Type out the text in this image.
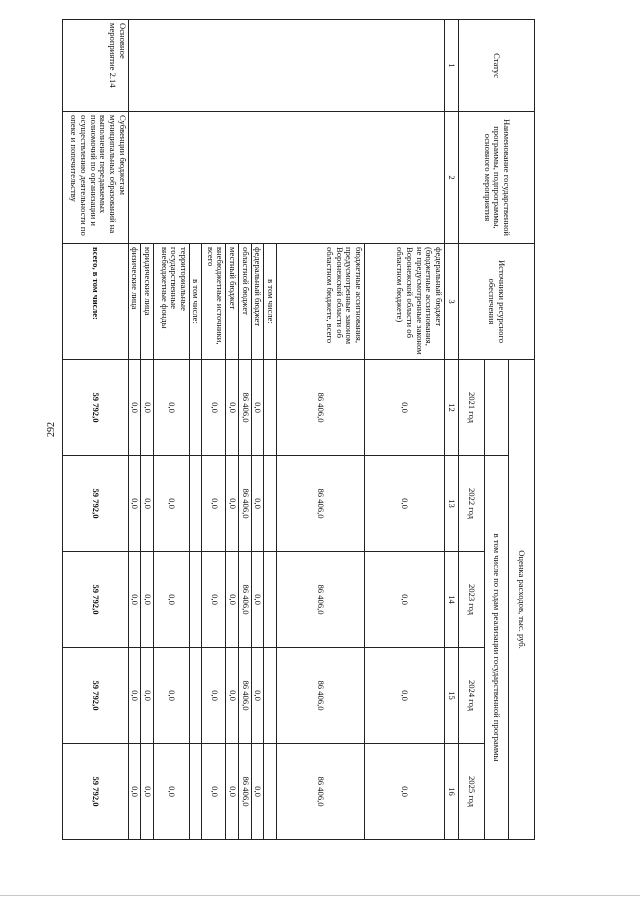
292
Статус	Наименование государственной программы, подпрограммы, основного мероприятия	Источники ресурсного обеспечения	Оценка расходов, тыс. руб.				
				в том числе по годам реализации государственной программы			
			2021 год	2022 год	2023 год	2024 год	2025 год
1	2	3	12	13	14	15	16
		федеральный бюджет (бюджетные ассигнования, не предусмотренные законом Воронежской области об областном бюджете)	0,0	0,0	0,0	0,0	0,0
		бюджетные ассигнования, предусмотренные законом Воронежской области об областном бюджете, всего	86 406,0	86 406,0	86 406,0	86 406,0	86 406,0
		в том числе:					
		федеральный бюджет	0,0	0,0	0,0	0,0	0,0
		областной бюджет	86 406,0	86 406,0	86 406,0	86 406,0	86 406,0
		местный бюджет	0,0	0,0	0,0	0,0	0,0
		внебюджетные источники, всего	0,0	0,0	0,0	0,0	0,0
		в том числе:					
		территориальные государственные внебюджетные фонды	0,0	0,0	0,0	0,0	0,0
		юридические лица	0,0	0,0	0,0	0,0	0,0
		физические лица	0,0	0,0	0,0	0,0	0,0
Основное мероприятие 2.14	Субвенции бюджетам муниципальных образований на выполнение передаваемых полномочий по организации и осуществлению деятельности по опеке и попечительству	всего, в том числе:	59 792,0	59 792,0	59 792,0	59 792,0	59 792,0
